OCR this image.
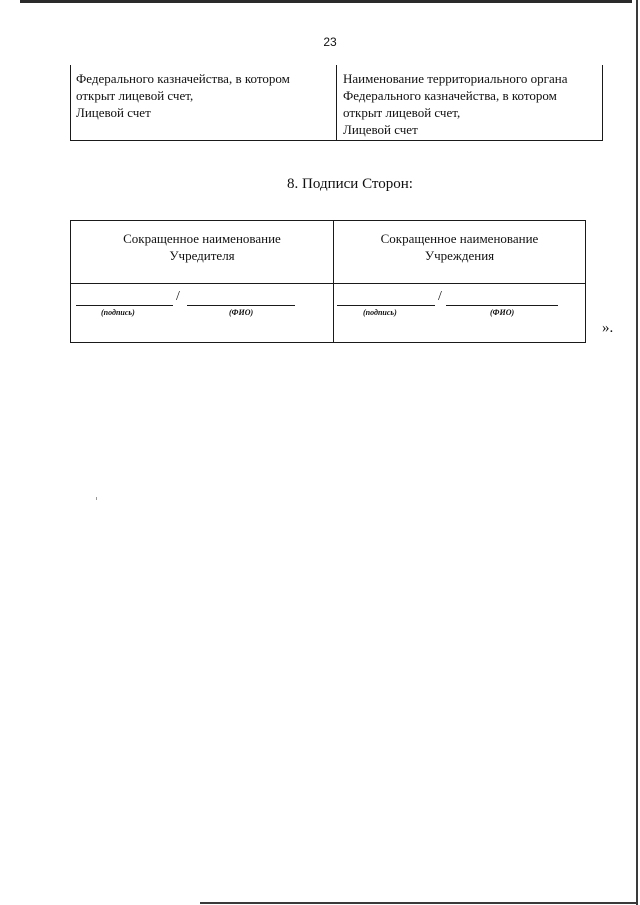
23
Федерального казначейства, в котором
открыт лицевой счет,
Лицевой счет
Наименование территориального органа
Федерального казначейства, в котором
открыт лицевой счет,
Лицевой счет
8. Подписи Сторон:
Сокращенное наименование
Учредителя
Сокращенное наименование
Учреждения
/
(подпись)	(ФИО)
/
(подпись)	(ФИО)
».
